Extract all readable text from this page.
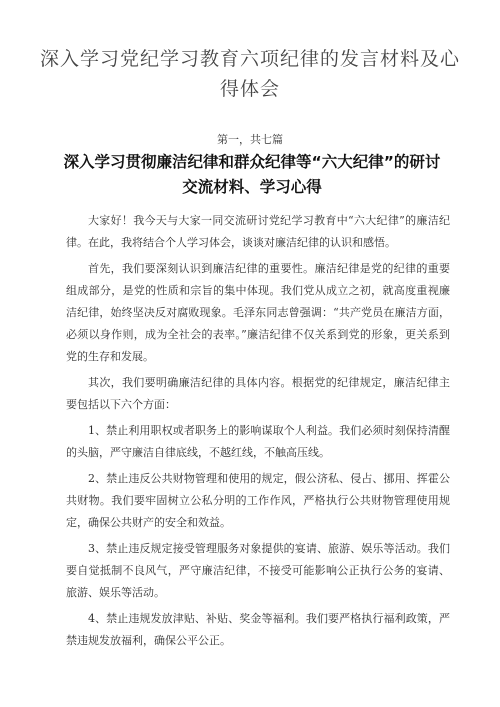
深入学习党纪学习教育六项纪律的发言材料及心得体会
第一，共七篇
深入学习贯彻廉洁纪律和群众纪律等“六大纪律”的研讨交流材料、学习心得

大家好！我今天与大家一同交流研讨党纪学习教育中“六大纪律”的廉洁纪律。在此，我将结合个人学习体会，谈谈对廉洁纪律的认识和感悟。

首先，我们要深刻认识到廉洁纪律的重要性。廉洁纪律是党的纪律的重要组成部分，是党的性质和宗旨的集中体现。我们党从成立之初，就高度重视廉洁纪律，始终坚决反对腐败现象。毛泽东同志曾强调：“共产党员在廉洁方面，必须以身作则，成为全社会的表率。”廉洁纪律不仅关系到党的形象，更关系到党的生存和发展。

其次，我们要明确廉洁纪律的具体内容。根据党的纪律规定，廉洁纪律主要包括以下六个方面：

1、禁止利用职权或者职务上的影响谋取个人利益。我们必须时刻保持清醒的头脑，严守廉洁自律底线，不越红线，不触高压线。

2、禁止违反公共财物管理和使用的规定，假公济私、侵占、挪用、挥霍公共财物。我们要牢固树立公私分明的工作作风，严格执行公共财物管理使用规定，确保公共财产的安全和效益。

3、禁止违反规定接受管理服务对象提供的宴请、旅游、娱乐等活动。我们要自觉抵制不良风气，严守廉洁纪律，不接受可能影响公正执行公务的宴请、旅游、娱乐等活动。

4、禁止违规发放津贴、补贴、奖金等福利。我们要严格执行福利政策，严禁违规发放福利，确保公平公正。
